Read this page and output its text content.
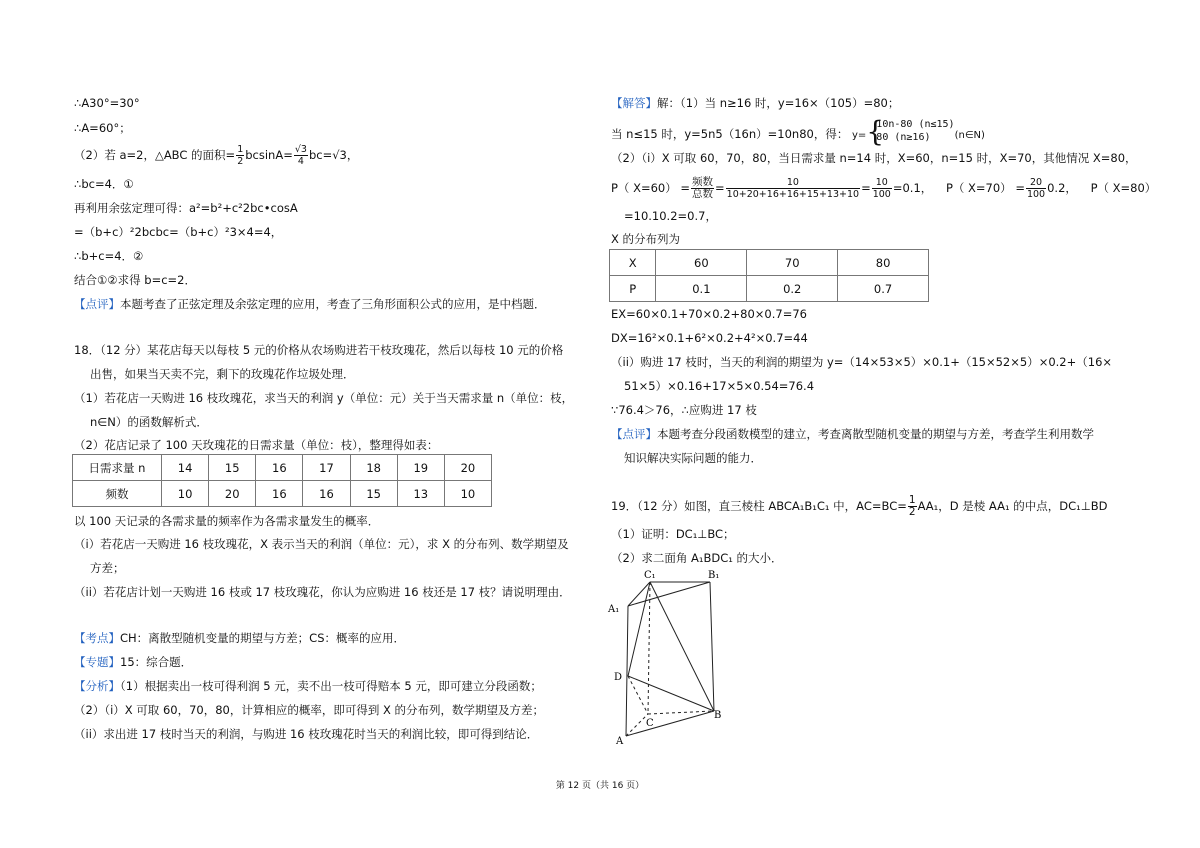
∴A﻿30°=30°
∴A=60°；
（2）若 a=2，△ABC 的面积= $\frac{1}{2} bcsinA= \frac{√3}{4} bc=√3$，
∴bc=4．①
再利用余弦定理可得：a²=b²+c²﻿2bc•cosA
=（b+c）²﻿2bc﻿bc=（b+c）²﻿3×4=4，
∴b+c=4．②
结合①②求得 b=c=2．
【点评】本题考查了正弦定理及余弦定理的应用，考查了三角形面积公式的应用，是中档题．
18．（12 分）某花店每天以每枝 5 元的价格从农场购进若干枝玫瑰花，然后以每枝 10 元的价格
出售，如果当天卖不完，剩下的玫瑰花作垃圾处理．
（1）若花店一天购进 16 枝玫瑰花，求当天的利润 y（单位：元）关于当天需求量 n（单位：枝，
n∈N）的函数解析式．
（2）花店记录了 100 天玫瑰花的日需求量（单位：枝），整理得如表：
日需求量 n	14	15	16	17	18	19	20
频数	10	20	16	16	15	13	10
以 100 天记录的各需求量的频率作为各需求量发生的概率．
（i）若花店一天购进 16 枝玫瑰花，X 表示当天的利润（单位：元），求 X 的分布列、数学期望及
方差；
（ii）若花店计划一天购进 16 枝或 17 枝玫瑰花，你认为应购进 16 枝还是 17 枝？请说明理由．
【考点】CH：离散型随机变量的期望与方差；CS：概率的应用．
【专题】15：综合题．
【分析】（1）根据卖出一枝可得利润 5 元，卖不出一枝可得赔本 5 元，即可建立分段函数；
（2）（i）X 可取 60，70，80，计算相应的概率，即可得到 X 的分布列，数学期望及方差；
（ii）求出进 17 枝时当天的利润，与购进 16 枝玫瑰花时当天的利润比较，即可得到结论．
【解答】解：（1）当 n≥16 时，y=16×（10﻿5）=80；
当 n≤15 时，y=5n﻿5（16﻿n）=10n﻿80，得： y= {
10n-80 (n≤15)
80 (n≥16)	(n∈N)
（2）（i）X 可取 60，70，80，当日需求量 n=14 时，X=60，n=15 时，X=70，其他情况 X=80，
P（ $X=60) = \frac{\text{频数}}{\text{总数}} = \frac{10}{10+20+16+16+15+13+10} = \frac{10}{100} =0.1$， P（ $X=70) = \frac{20}{100} 0.2$， P（ X=80）
=1﻿0.1﻿0.2=0.7，
X 的分布列为
X	60	70	80
P	0.1	0.2	0.7
EX=60×0.1+70×0.2+80×0.7=76
DX=16²×0.1+6²×0.2+4²×0.7=44
（ii）购进 17 枝时，当天的利润的期望为 y=（14×5﻿3×5）×0.1+（15×5﻿2×5）×0.2+（16×
5﻿1×5）×0.16+17×5×0.54=76.4
∵76.4＞76，∴应购进 17 枝
【点评】本题考查分段函数模型的建立，考查离散型随机变量的期望与方差，考查学生利用数学
知识解决实际问题的能力．
19．（12 分）如图，直三棱柱 ABC﻿A₁B₁C₁ 中，$AC=BC= \frac{1}{2} AA_1$，D 是棱 AA₁ 的中点，DC₁⊥BD
（1）证明：DC₁⊥BC；
（2）求二面角 A₁﻿BD﻿C₁ 的大小．
C₁	B₁
A₁
D
C
B
A
第 12 页（共 16 页）
